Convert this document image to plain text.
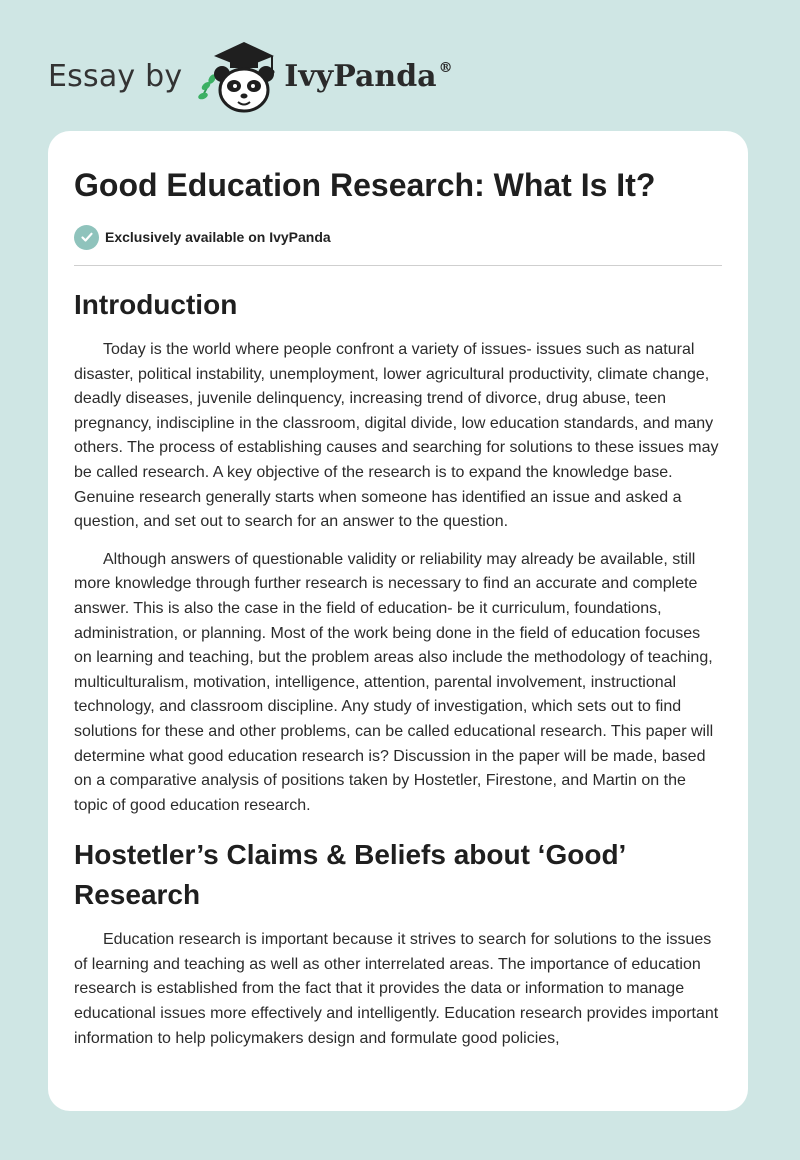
Essay by	IvyPanda ®
Good Education Research: What Is It?
Exclusively available on IvyPanda
Introduction

Today is the world where people confront a variety of issues- issues such as natural disaster, political instability, unemployment, lower agricultural productivity, climate change, deadly diseases, juvenile delinquency, increasing trend of divorce, drug abuse, teen pregnancy, indiscipline in the classroom, digital divide, low education standards, and many others. The process of establishing causes and searching for solutions to these issues may be called research. A key objective of the research is to expand the knowledge base. Genuine research generally starts when someone has identified an issue and asked a question, and set out to search for an answer to the question.

Although answers of questionable validity or reliability may already be available, still more knowledge through further research is necessary to find an accurate and complete answer. This is also the case in the field of education- be it curriculum, foundations, administration, or planning. Most of the work being done in the field of education focuses on learning and teaching, but the problem areas also include the methodology of teaching, multiculturalism, motivation, intelligence, attention, parental involvement, instructional technology, and classroom discipline. Any study of investigation, which sets out to find solutions for these and other problems, can be called educational research. This paper will determine what good education research is? Discussion in the paper will be made, based on a comparative analysis of positions taken by Hostetler, Firestone, and Martin on the topic of good education research.

Hostetler’s Claims & Beliefs about ‘Good’ Research

Education research is important because it strives to search for solutions to the issues of learning and teaching as well as other interrelated areas. The importance of education research is established from the fact that it provides the data or information to manage educational issues more effectively and intelligently. Education research provides important information to help policymakers design and formulate good policies,
